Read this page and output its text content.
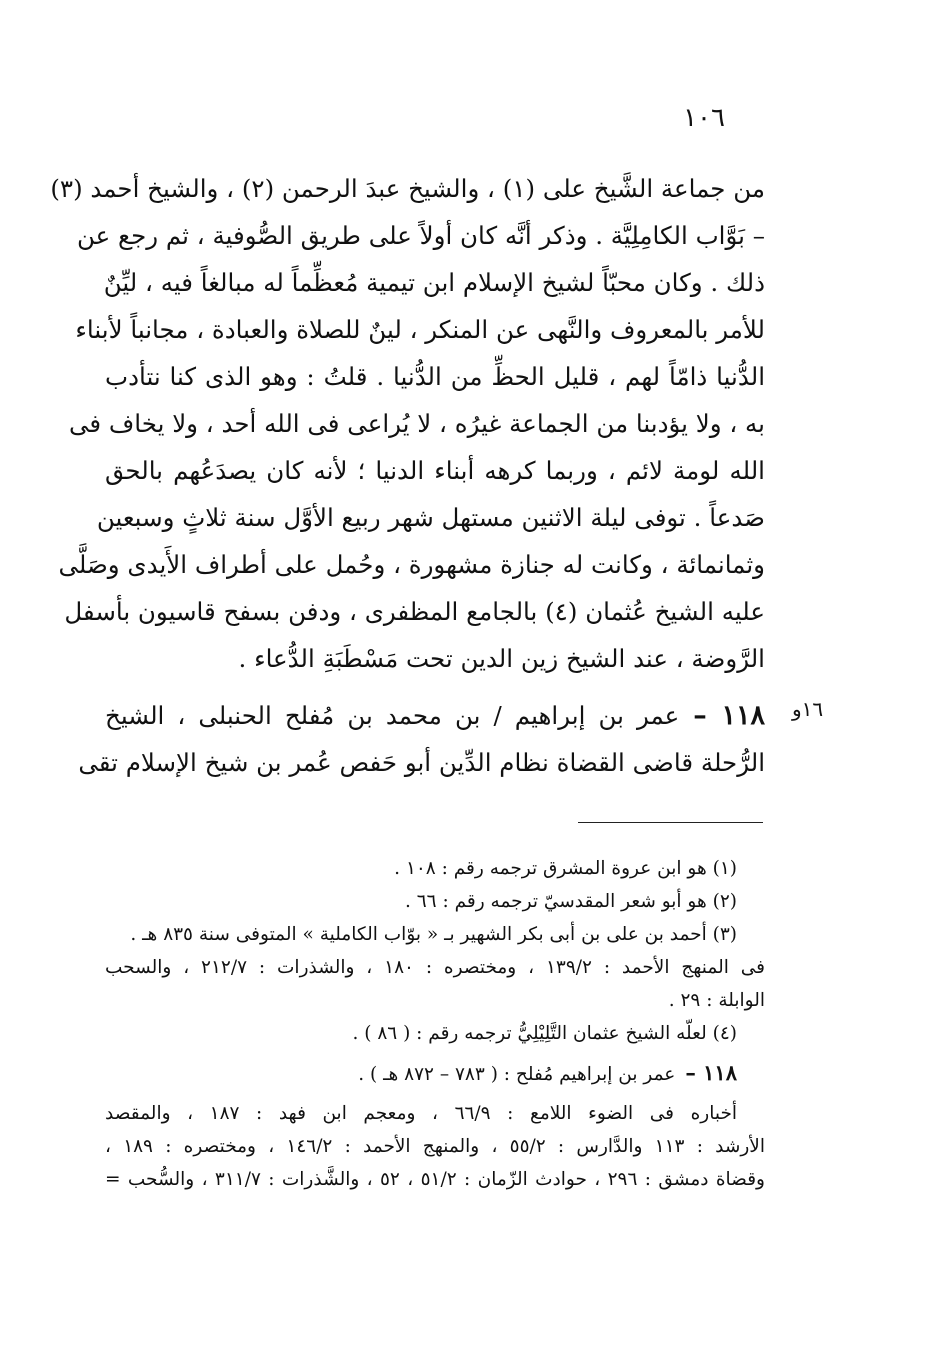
١٠٦
من جماعة الشَّيخ على (١) ، والشيخ عبدَ الرحمن (٢) ، والشيخ أحمد (٣)
– بَوَّاب الكامِلِيَّة . وذكر أنَّه كان أولاً على طريق الصُّوفية ، ثم رجع عن
ذلك . وكان محبّاً لشيخ الإسلام ابن تيمية مُعظِّماً له مبالغاً فيه ، ليِّنٌ
للأمر بالمعروف والنَّهى عن المنكر ، لينٌ للصلاة والعبادة ، مجانباً لأبناء
الدُّنيا ذامّاً لهم ، قليل الحظِّ من الدُّنيا . قلتُ : وهو الذى كنا نتأدب
به ، ولا يؤدبنا من الجماعة غيرُه ، لا يُراعى فى الله أحد ، ولا يخاف فى
الله لومة لائم ، وربما كرهه أبناء الدنيا ؛ لأنه كان يصدَعُهم بالحق
صَدعاً . توفى ليلة الاثنين مستهل شهر ربيع الأوَّل سنة ثلاثٍ وسبعين
وثمانمائة ، وكانت له جنازة مشهورة ، وحُمل على أطراف الأَيدى وصَلَّى
عليه الشيخ عُثمان (٤) بالجامع المظفرى ، ودفن بسفح قاسيون بأسفل
الرَّوضة ، عند الشيخ زين الدين تحت مَسْطَبَةِ الدُّعاء .
١٦و
١١٨ –عمر بن إبراهيم / بن محمد بن مُفلح الحنبلى ، الشيخ
الرُّحلة قاضى القضاة نظام الدِّين أبو حَفص عُمر بن شيخ الإسلام تقى
(١) هو ابن عروة المشرق ترجمه رقم : ١٠٨ .
(٢) هو أبو شعر المقدسيّ ترجمه رقم : ٦٦ .
(٣) أحمد بن على بن أبى بكر الشهير بـ « بوّاب الكاملية » المتوفى سنة ٨٣٥ هـ .
فى المنهج الأحمد : ١٣٩/٢ ، ومختصره : ١٨٠ ، والشذرات : ٢١٢/٧ ، والسحب
الوابلة : ٢٩ .
(٤) لعلّه الشيخ عثمان التَّلِيْلِيُّ ترجمه رقم : ( ٨٦ ) .
١١٨ –عمر بن إبراهيم مُفلح : ( ٧٨٣ – ٨٧٢ هـ ) .
أخباره فى الضوء اللامع : ٦٦/٩ ، ومعجم ابن فهد : ١٨٧ ، والمقصد
الأرشد : ١١٣ والدَّارس : ٥٥/٢ ، والمنهج الأحمد : ١٤٦/٢ ، ومختصره : ١٨٩ ،
وقضاة دمشق : ٢٩٦ ، حوادث الزّمان : ٥١/٢ ، ٥٢ ، والشَّذرات : ٣١١/٧ ، والسُّحب =
